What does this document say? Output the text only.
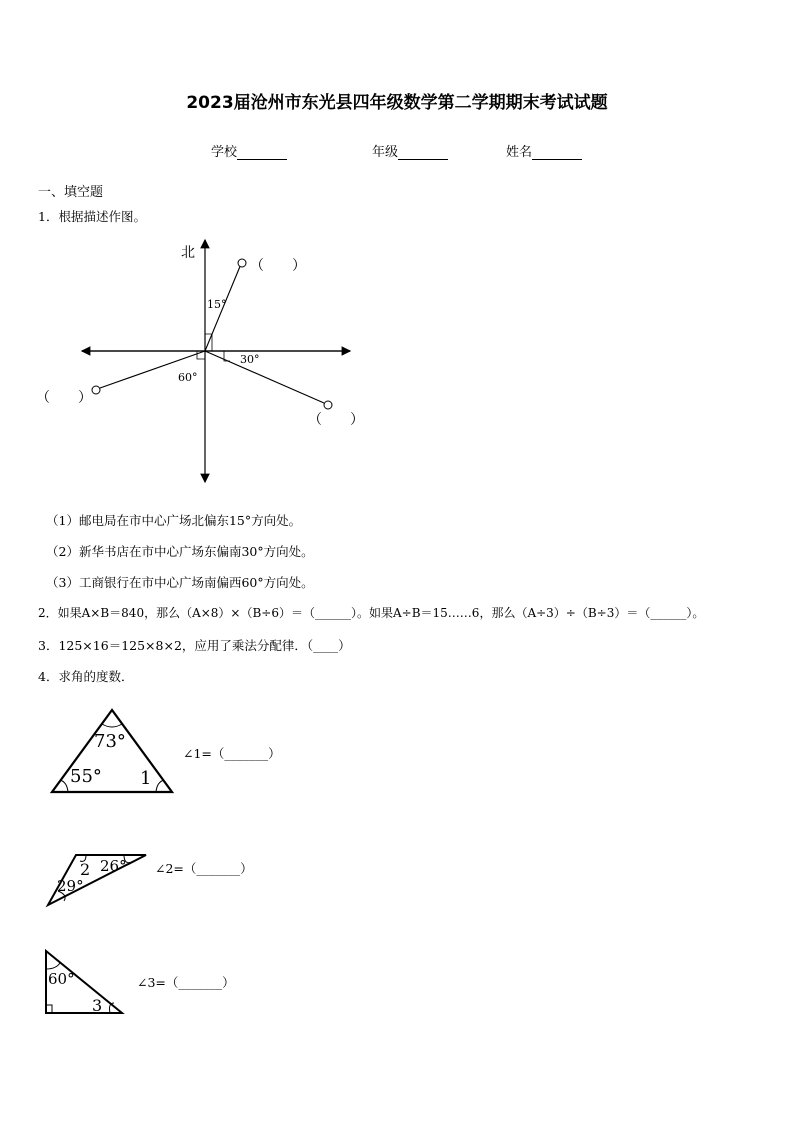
2023届沧州市东光县四年级数学第二学期期末考试试题
学校	年级	姓名
一、填空题
1．根据描述作图。
北
15°
30°
60°
（　　）
（　　）
（　　）
（1）邮电局在市中心广场北偏东15°方向处。
（2）新华书店在市中心广场东偏南30°方向处。
（3）工商银行在市中心广场南偏西60°方向处。
2．如果A×B＝840，那么（A×8）×（B÷6）＝（______）。如果A÷B＝15……6，那么（A÷3）÷（B÷3）＝（______）。
3．125×16＝125×8×2，应用了乘法分配律．（____）
4．求角的度数．
73°
55° 1
∠1=（_______）
2 26°
29°
∠2=（_______）
60°
3
∠3=（_______）
